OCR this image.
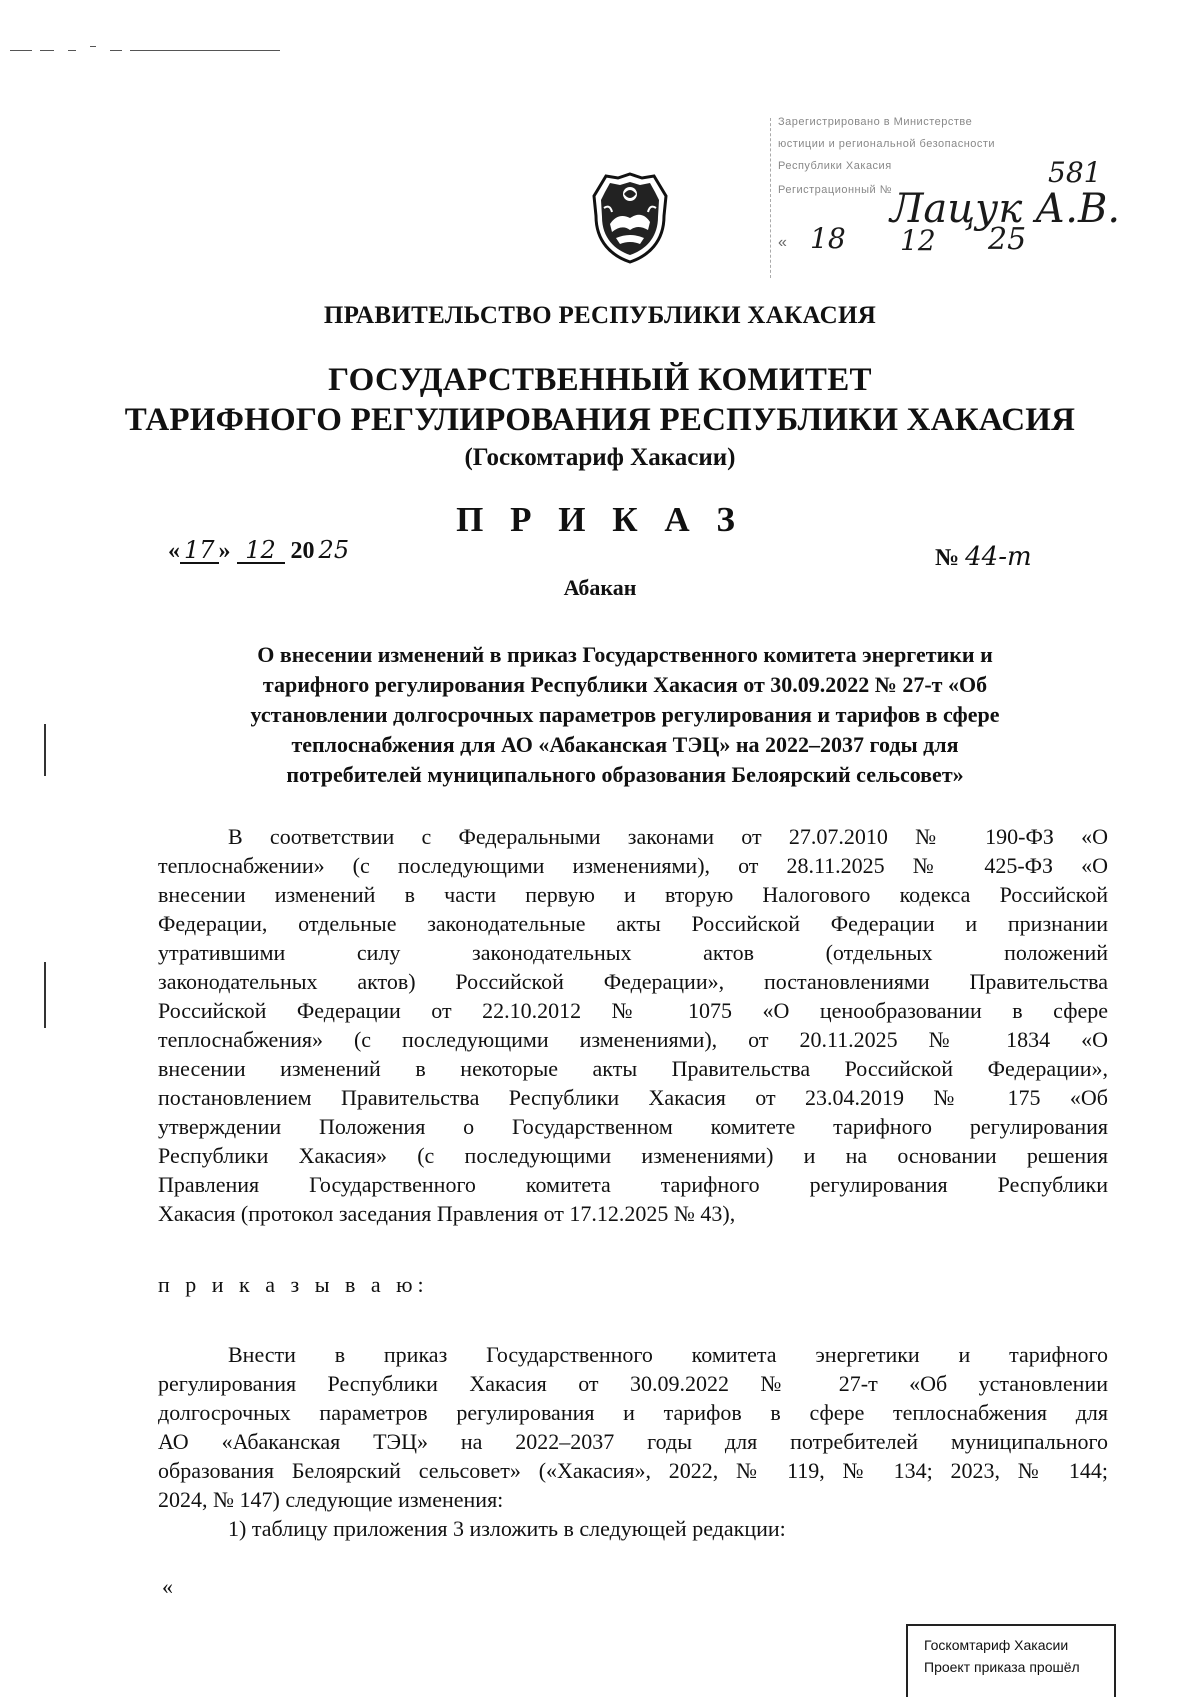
Зарегистрировано в Министерстве
юстиции и региональной безопасности
Республики Хакасия
Регистрационный №
581
Лацук А.В.
« 18 12 25
ПРАВИТЕЛЬСТВО РЕСПУБЛИКИ ХАКАСИЯ
ГОСУДАРСТВЕННЫЙ КОМИТЕТ
ТАРИФНОГО РЕГУЛИРОВАНИЯ РЕСПУБЛИКИ ХАКАСИЯ
(Госкомтариф Хакасии)
П Р И К А З
« 17 » 12 20 25	№ 44-т
Абакан
О внесении изменений в приказ Государственного комитета энергетики и
тарифного регулирования Республики Хакасия от 30.09.2022 № 27-т «Об
установлении долгосрочных параметров регулирования и тарифов в сфере
теплоснабжения для АО «Абаканская ТЭЦ» на 2022–2037 годы для
потребителей муниципального образования Белоярский сельсовет»
В соответствии с Федеральными законами от 27.07.2010 № 190-ФЗ «О
теплоснабжении» (с последующими изменениями), от 28.11.2025 № 425-ФЗ «О
внесении изменений в части первую и вторую Налогового кодекса Российской
Федерации, отдельные законодательные акты Российской Федерации и признании
утратившими силу законодательных актов (отдельных положений
законодательных актов) Российской Федерации», постановлениями Правительства
Российской Федерации от 22.10.2012 № 1075 «О ценообразовании в сфере
теплоснабжения» (с последующими изменениями), от 20.11.2025 № 1834 «О
внесении изменений в некоторые акты Правительства Российской Федерации»,
постановлением Правительства Республики Хакасия от 23.04.2019 № 175 «Об
утверждении Положения о Государственном комитете тарифного регулирования
Республики Хакасия» (с последующими изменениями) и на основании решения
Правления Государственного комитета тарифного регулирования Республики
Хакасия (протокол заседания Правления от 17.12.2025 № 43),
п р и к а з ы в а ю:
Внести в приказ Государственного комитета энергетики и тарифного
регулирования Республики Хакасия от 30.09.2022 № 27-т «Об установлении
долгосрочных параметров регулирования и тарифов в сфере теплоснабжения для
АО «Абаканская ТЭЦ» на 2022–2037 годы для потребителей муниципального
образования Белоярский сельсовет» («Хакасия», 2022, № 119, № 134; 2023, № 144;
2024, № 147) следующие изменения:
1) таблицу приложения 3 изложить в следующей редакции:
«
Госкомтариф Хакасии
Проект приказа прошёл
